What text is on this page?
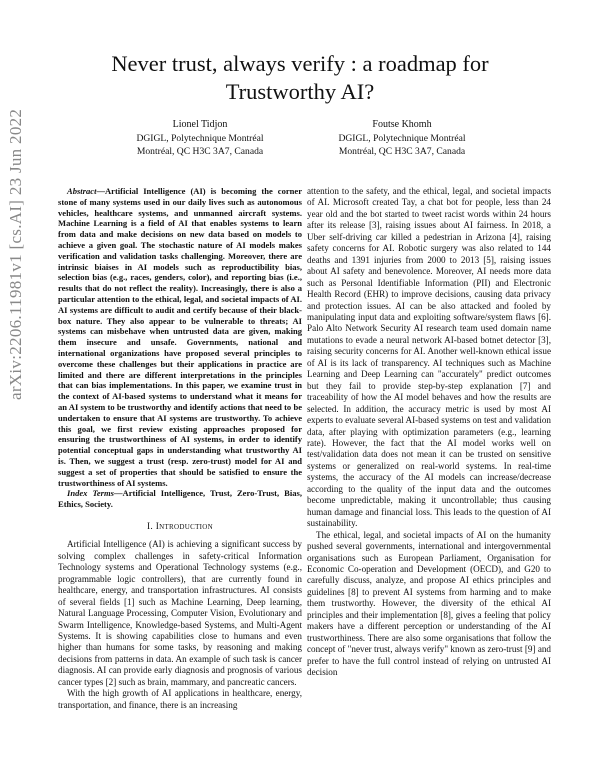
arXiv:2206.11981v1 [cs.AI] 23 Jun 2022
Never trust, always verify : a roadmap for
Trustworthy AI?
Lionel Tidjon
DGIGL, Polytechnique Montréal
Montréal, QC H3C 3A7, Canada
Foutse Khomh
DGIGL, Polytechnique Montréal
Montréal, QC H3C 3A7, Canada

Abstract—Artificial Intelligence (AI) is becoming the corner stone of many systems used in our daily lives such as autonomous vehicles, healthcare systems, and unmanned aircraft systems. Machine Learning is a field of AI that enables systems to learn from data and make decisions on new data based on models to achieve a given goal. The stochastic nature of AI models makes verification and validation tasks challenging. Moreover, there are intrinsic biaises in AI models such as reproductibility bias, selection bias (e.g., races, genders, color), and reporting bias (i.e., results that do not reflect the reality). Increasingly, there is also a particular attention to the ethical, legal, and societal impacts of AI. AI systems are difficult to audit and certify because of their black-box nature. They also appear to be vulnerable to threats; AI systems can misbehave when untrusted data are given, making them insecure and unsafe. Governments, national and international organizations have proposed several principles to overcome these challenges but their applications in practice are limited and there are different interpretations in the principles that can bias implementations. In this paper, we examine trust in the context of AI-based systems to understand what it means for an AI system to be trustworthy and identify actions that need to be undertaken to ensure that AI systems are trustworthy. To achieve this goal, we first review existing approaches proposed for ensuring the trustworthiness of AI systems, in order to identify potential conceptual gaps in understanding what trustworthy AI is. Then, we suggest a trust (resp. zero-trust) model for AI and suggest a set of properties that should be satisfied to ensure the trustworthiness of AI systems.

Index Terms—Artificial Intelligence, Trust, Zero-Trust, Bias, Ethics, Society.

I. Introduction

Artificial Intelligence (AI) is achieving a significant success by solving complex challenges in safety-critical Information Technology systems and Operational Technology systems (e.g., programmable logic controllers), that are currently found in healthcare, energy, and transportation infrastructures. AI consists of several fields [1] such as Machine Learning, Deep learning, Natural Language Processing, Computer Vision, Evolutionary and Swarm Intelligence, Knowledge-based Systems, and Multi-Agent Systems. It is showing capabilities close to humans and even higher than humans for some tasks, by reasoning and making decisions from patterns in data. An example of such task is cancer diagnosis. AI can provide early diagnosis and prognosis of various cancer types [2] such as brain, mammary, and pancreatic cancers.

With the high growth of AI applications in healthcare, energy, transportation, and finance, there is an increasing

attention to the safety, and the ethical, legal, and societal impacts of AI. Microsoft created Tay, a chat bot for people, less than 24 year old and the bot started to tweet racist words within 24 hours after its release [3], raising issues about AI fairness. In 2018, a Uber self-driving car killed a pedestrian in Arizona [4], raising safety concerns for AI. Robotic surgery was also related to 144 deaths and 1391 injuries from 2000 to 2013 [5], raising issues about AI safety and benevolence. Moreover, AI needs more data such as Personal Identifiable Information (PII) and Electronic Health Record (EHR) to improve decisions, causing data privacy and protection issues. AI can be also attacked and fooled by manipulating input data and exploiting software/system flaws [6]. Palo Alto Network Security AI research team used domain name mutations to evade a neural network AI-based botnet detector [3], raising security concerns for AI. Another well-known ethical issue of AI is its lack of transparency. AI techniques such as Machine Learning and Deep Learning can "accurately" predict outcomes but they fail to provide step-by-step explanation [7] and traceability of how the AI model behaves and how the results are selected. In addition, the accuracy metric is used by most AI experts to evaluate several AI-based systems on test and validation data, after playing with optimization parameters (e.g., learning rate). However, the fact that the AI model works well on test/validation data does not mean it can be trusted on sensitive systems or generalized on real-world systems. In real-time systems, the accuracy of the AI models can increase/decrease according to the quality of the input data and the outcomes become unpredictable, making it uncontrollable; thus causing human damage and financial loss. This leads to the question of AI sustainability.

The ethical, legal, and societal impacts of AI on the humanity pushed several governments, international and intergovernmental organisations such as European Parliament, Organisation for Economic Co-operation and Development (OECD), and G20 to carefully discuss, analyze, and propose AI ethics principles and guidelines [8] to prevent AI systems from harming and to make them trustworthy. However, the diversity of the ethical AI principles and their implementation [8], gives a feeling that policy makers have a different perception or understanding of the AI trustworthiness. There are also some organisations that follow the concept of "never trust, always verify" known as zero-trust [9] and prefer to have the full control instead of relying on untrusted AI decision
